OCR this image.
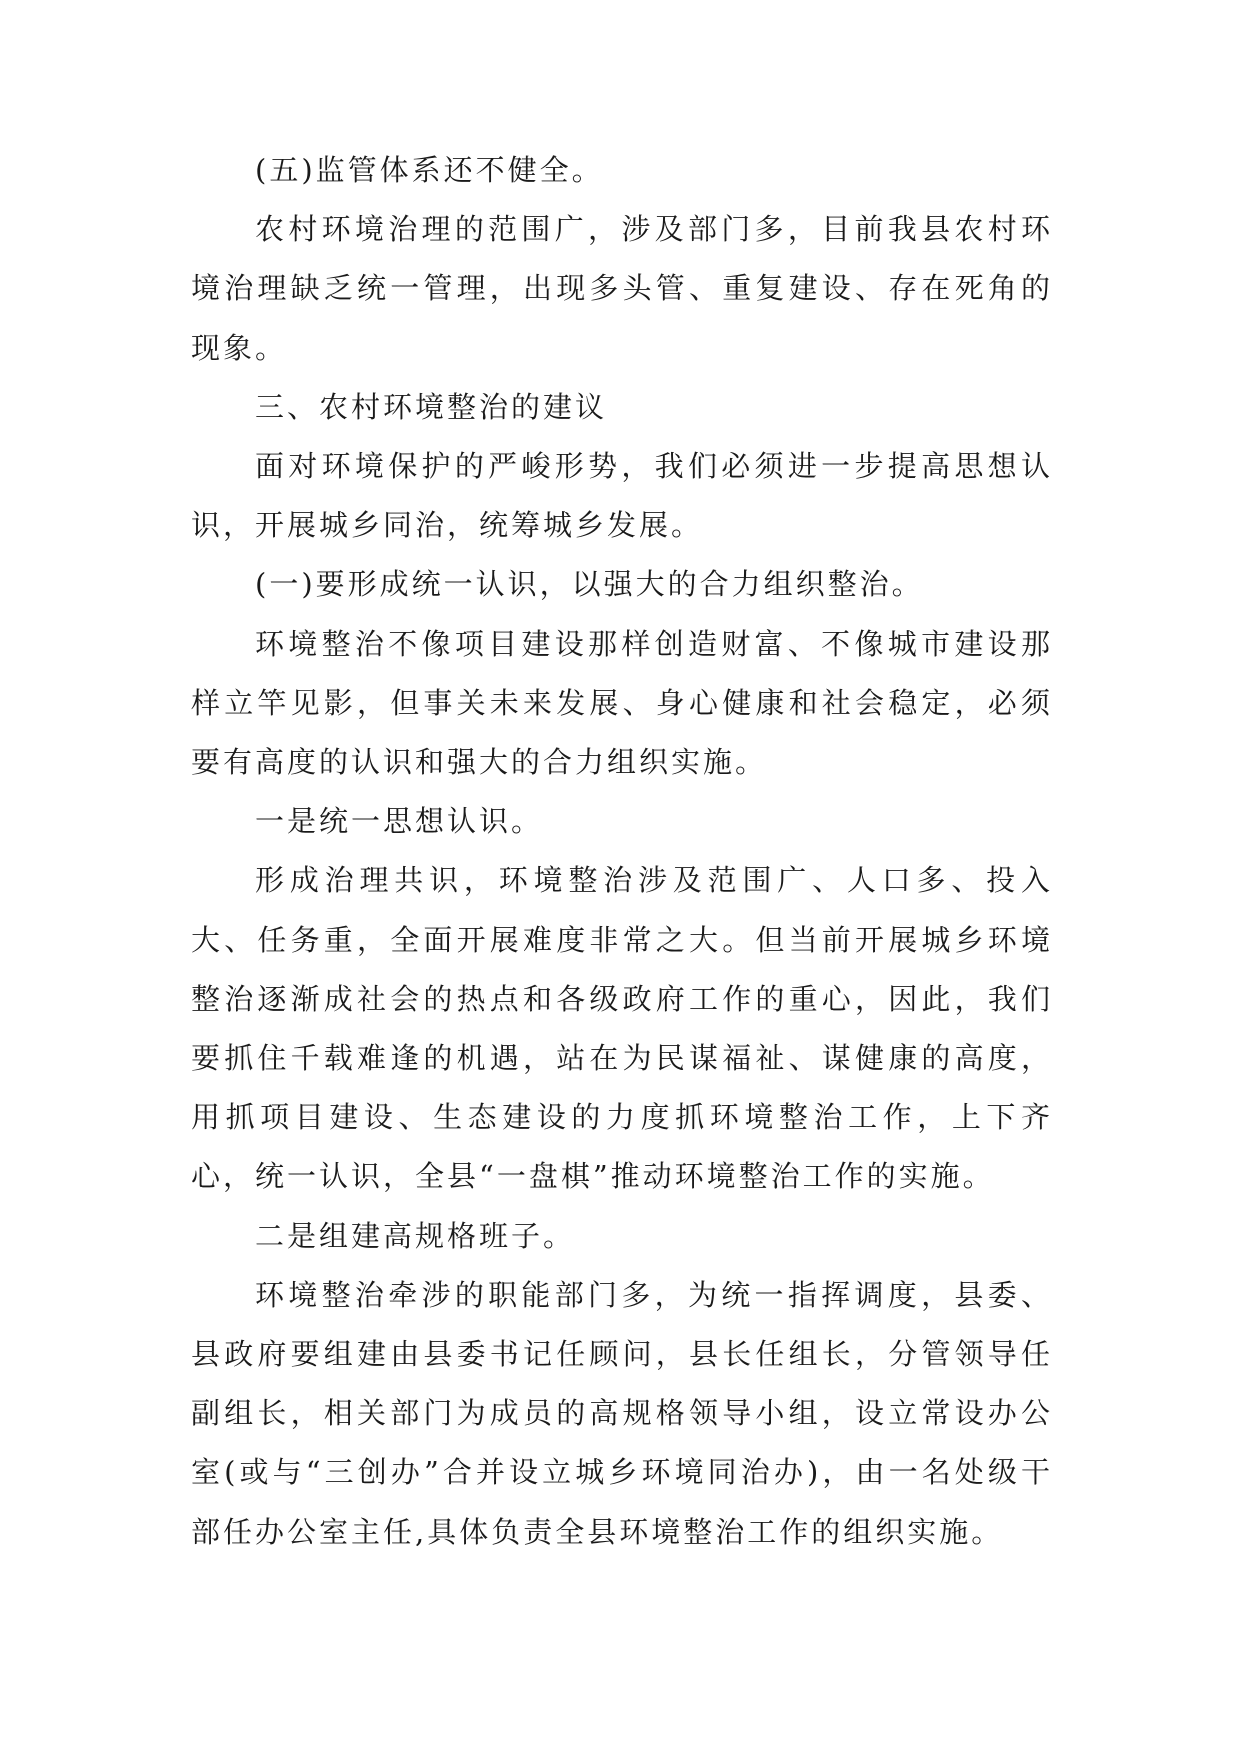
(五)监管体系还不健全。

农村环境治理的范围广，涉及部门多，目前我县农村环境治理缺乏统一管理，出现多头管、重复建设、存在死角的现象。

三、农村环境整治的建议

面对环境保护的严峻形势，我们必须进一步提高思想认识，开展城乡同治，统筹城乡发展。

(一)要形成统一认识，以强大的合力组织整治。

环境整治不像项目建设那样创造财富、不像城市建设那样立竿见影，但事关未来发展、身心健康和社会稳定，必须要有高度的认识和强大的合力组织实施。

一是统一思想认识。

形成治理共识，环境整治涉及范围广、人口多、投入大、任务重，全面开展难度非常之大。但当前开展城乡环境整治逐渐成社会的热点和各级政府工作的重心，因此，我们要抓住千载难逢的机遇，站在为民谋福祉、谋健康的高度，用抓项目建设、生态建设的力度抓环境整治工作，上下齐心，统一认识，全县“一盘棋”推动环境整治工作的实施。

二是组建高规格班子。

环境整治牵涉的职能部门多，为统一指挥调度，县委、县政府要组建由县委书记任顾问，县长任组长，分管领导任副组长，相关部门为成员的高规格领导小组，设立常设办公室(或与“三创办”合并设立城乡环境同治办)，由一名处级干部任办公室主任,具体负责全县环境整治工作的组织实施。
